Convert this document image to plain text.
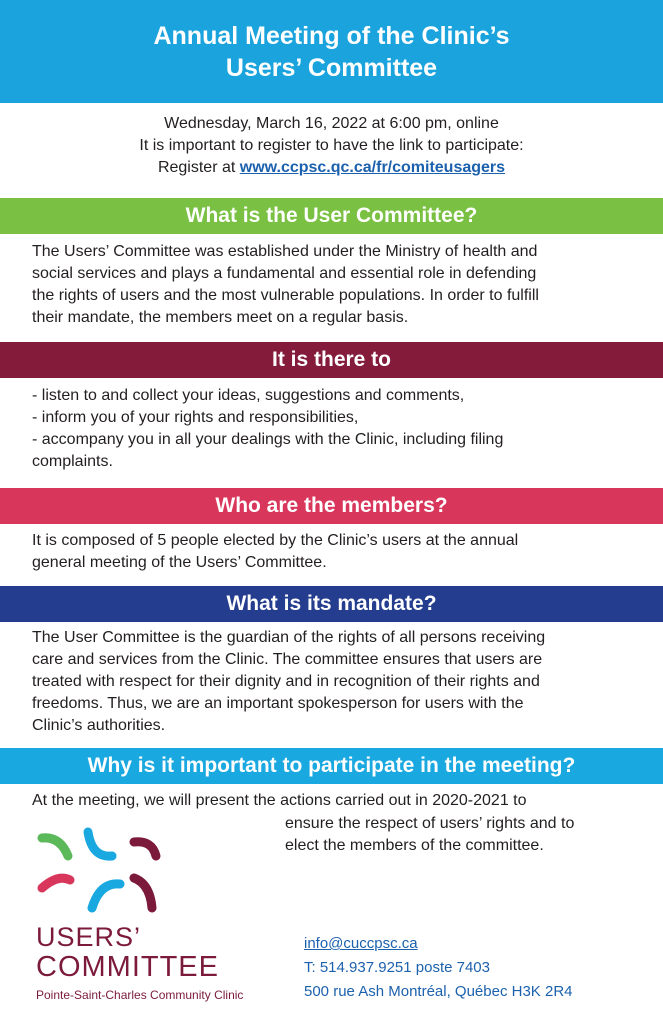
Annual Meeting of the Clinic’s
Users’ Committee
Wednesday, March 16, 2022 at 6:00 pm, online
It is important to register to have the link to participate:
Register at www.ccpsc.qc.ca/fr/comiteusagers
What is the User Committee?
The Users’ Committee was established under the Ministry of health and
social services and plays a fundamental and essential role in defending
the rights of users and the most vulnerable populations. In order to fulfill
their mandate, the members meet on a regular basis.
It is there to
- listen to and collect your ideas, suggestions and comments,
- inform you of your rights and responsibilities,
- accompany you in all your dealings with the Clinic, including filing
complaints.
Who are the members?
It is composed of 5 people elected by the Clinic’s users at the annual
general meeting of the Users’ Committee.
What is its mandate?
The User Committee is the guardian of the rights of all persons receiving
care and services from the Clinic. The committee ensures that users are
treated with respect for their dignity and in recognition of their rights and
freedoms. Thus, we are an important spokesperson for users with the
Clinic’s authorities.
Why is it important to participate in the meeting?
At the meeting, we will present the actions carried out in 2020-2021 to
ensure the respect of users’ rights and to
elect the members of the committee.
USERS’
COMMITTEE
Pointe-Saint-Charles Community Clinic
info@cuccpsc.ca
T: 514.937.9251 poste 7403
500 rue Ash Montréal, Québec H3K 2R4
